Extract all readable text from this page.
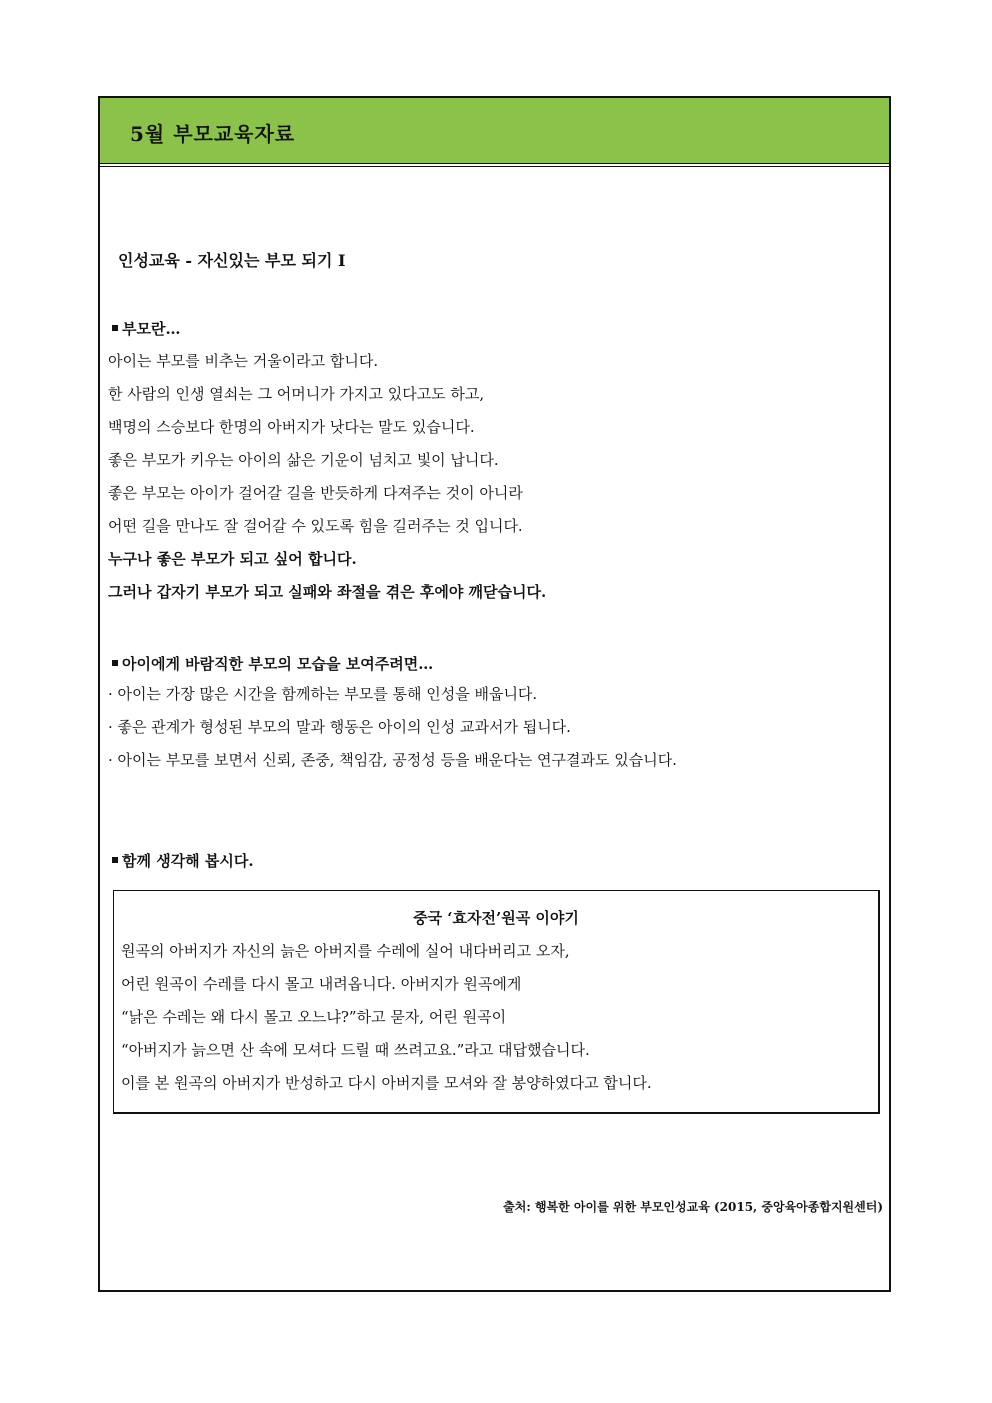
5월 부모교육자료
인성교육 - 자신있는 부모 되기 Ⅰ
부모란…
아이는 부모를 비추는 거울이라고 합니다.
한 사람의 인생 열쇠는 그 어머니가 가지고 있다고도 하고,
백명의 스승보다 한명의 아버지가 낫다는 말도 있습니다.
좋은 부모가 키우는 아이의 삶은 기운이 넘치고 빛이 납니다.
좋은 부모는 아이가 걸어갈 길을 반듯하게 다져주는 것이 아니라
어떤 길을 만나도 잘 걸어갈 수 있도록 힘을 길러주는 것 입니다.
누구나 좋은 부모가 되고 싶어 합니다.
그러나 갑자기 부모가 되고 실패와 좌절을 겪은 후에야 깨닫습니다.
아이에게 바람직한 부모의 모습을 보여주려면…
· 아이는 가장 많은 시간을 함께하는 부모를 통해 인성을 배웁니다.
· 좋은 관계가 형성된 부모의 말과 행동은 아이의 인성 교과서가 됩니다.
· 아이는 부모를 보면서 신뢰, 존중, 책임감, 공정성 등을 배운다는 연구결과도 있습니다.
함께 생각해 봅시다.
중국 ‘효자전’원곡 이야기
원곡의 아버지가 자신의 늙은 아버지를 수레에 실어 내다버리고 오자,
어린 원곡이 수레를 다시 몰고 내려옵니다. 아버지가 원곡에게
“낡은 수레는 왜 다시 몰고 오느냐?”하고 묻자, 어린 원곡이
“아버지가 늙으면 산 속에 모셔다 드릴 때 쓰려고요.”라고 대답했습니다.
이를 본 원곡의 아버지가 반성하고 다시 아버지를 모셔와 잘 봉양하였다고 합니다.
출처: 행복한 아이를 위한 부모인성교육 (2015, 중앙육아종합지원센터)
